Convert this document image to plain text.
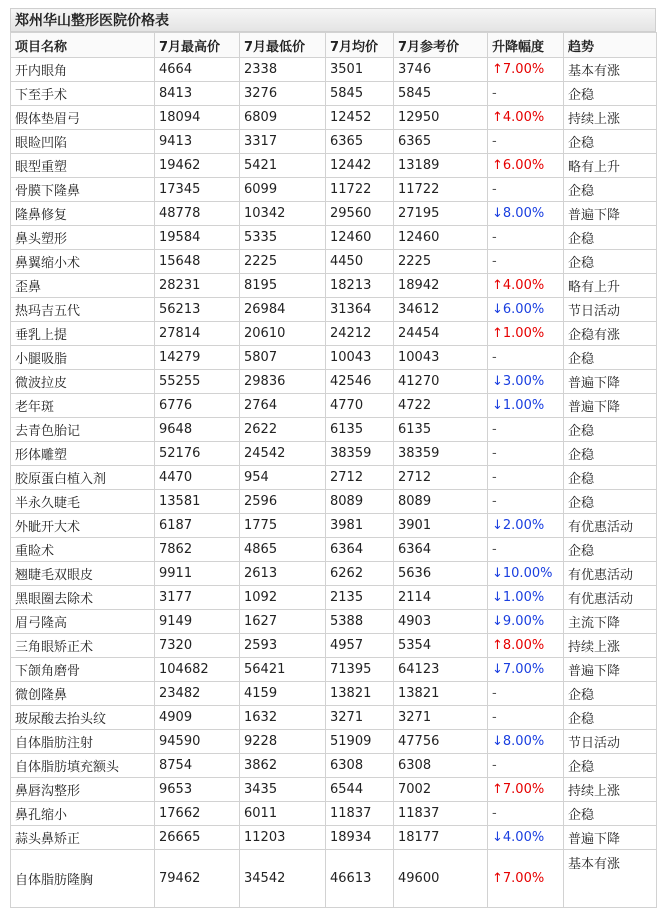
郑州华山整形医院价格表
项目名称	7月最高价	7月最低价	7月均价	7月参考价	升降幅度	趋势
开内眼角	4664	2338	3501	3746	↑7.00%	基本有涨
下至手术	8413	3276	5845	5845	-	企稳
假体垫眉弓	18094	6809	12452	12950	↑4.00%	持续上涨
眼睑凹陷	9413	3317	6365	6365	-	企稳
眼型重塑	19462	5421	12442	13189	↑6.00%	略有上升
骨膜下隆鼻	17345	6099	11722	11722	-	企稳
隆鼻修复	48778	10342	29560	27195	↓8.00%	普遍下降
鼻头塑形	19584	5335	12460	12460	-	企稳
鼻翼缩小术	15648	2225	4450	2225	-	企稳
歪鼻	28231	8195	18213	18942	↑4.00%	略有上升
热玛吉五代	56213	26984	31364	34612	↓6.00%	节日活动
垂乳上提	27814	20610	24212	24454	↑1.00%	企稳有涨
小腿吸脂	14279	5807	10043	10043	-	企稳
微波拉皮	55255	29836	42546	41270	↓3.00%	普遍下降
老年斑	6776	2764	4770	4722	↓1.00%	普遍下降
去青色胎记	9648	2622	6135	6135	-	企稳
形体雕塑	52176	24542	38359	38359	-	企稳
胶原蛋白植入剂	4470	954	2712	2712	-	企稳
半永久睫毛	13581	2596	8089	8089	-	企稳
外眦开大术	6187	1775	3981	3901	↓2.00%	有优惠活动
重睑术	7862	4865	6364	6364	-	企稳
翘睫毛双眼皮	9911	2613	6262	5636	↓10.00%	有优惠活动
黑眼圈去除术	3177	1092	2135	2114	↓1.00%	有优惠活动
眉弓隆高	9149	1627	5388	4903	↓9.00%	主流下降
三角眼矫正术	7320	2593	4957	5354	↑8.00%	持续上涨
下颌角磨骨	104682	56421	71395	64123	↓7.00%	普遍下降
微创隆鼻	23482	4159	13821	13821	-	企稳
玻尿酸去抬头纹	4909	1632	3271	3271	-	企稳
自体脂肪注射	94590	9228	51909	47756	↓8.00%	节日活动
自体脂肪填充额头	8754	3862	6308	6308	-	企稳
鼻唇沟整形	9653	3435	6544	7002	↑7.00%	持续上涨
鼻孔缩小	17662	6011	11837	11837	-	企稳
蒜头鼻矫正	26665	11203	18934	18177	↓4.00%	普遍下降
自体脂肪隆胸	79462	34542	46613	49600	↑7.00%	基本有涨
